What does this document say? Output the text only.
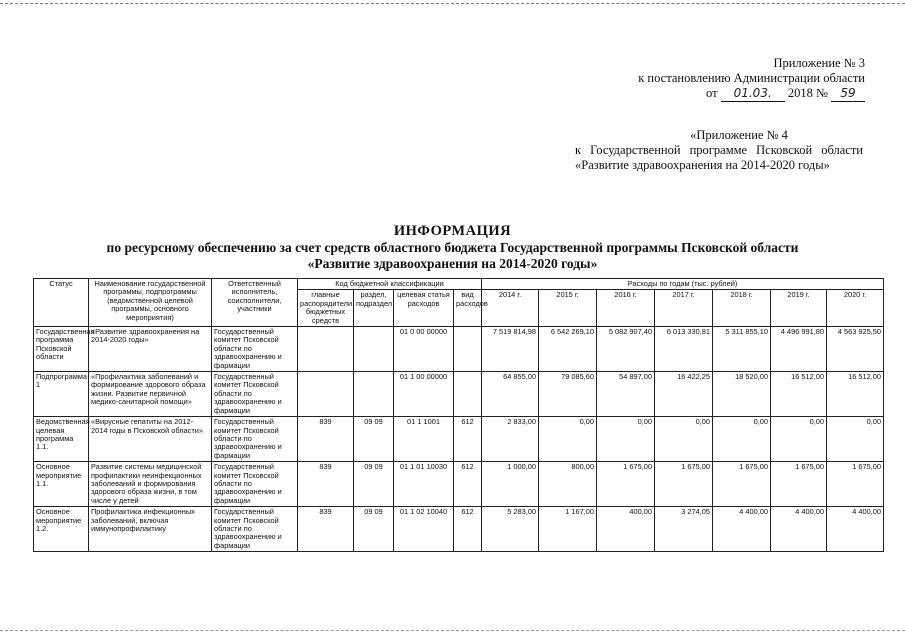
Приложение № 3
к постановлению Администрации области
от 01.03. 2018 № 59
«Приложение № 4
к Государственной программе Псковской области «Развитие здравоохранения на 2014-2020 годы»
ИНФОРМАЦИЯ
по ресурсному обеспечению за счет средств областного бюджета Государственной программы Псковской области
«Развитие здравоохранения на 2014-2020 годы»
Статус	Наименование государственной программы, подпрограммы (ведомственной целевой программы, основного мероприятия)	Ответственный исполнитель, соисполнители, участники	Код бюджетной классификации				Расходы по годам (тыс. рублей)						
			главные распорядители бюджетных средств	раздел, подраздел	целевая статья расходов	вид расходов	2014 г.	2015 г.	2016 г.	2017 г.	2018 г.	2019 г.	2020 г.
Государственная программа Псковской области	«Развитие здравоохранения на 2014-2020 годы»	Государственный комитет Псковской области по здравоохранению и фармации			01 0 00 00000		7 519 814,98	6 542 269,10	5 082 907,40	6 013 330,81	5 311 855,10	4 496 991,80	4 563 925,50
Подпрограмма 1	«Профилактика заболеваний и формирование здорового образа жизни. Развитие первичной медико-санитарной помощи»	Государственный комитет Псковской области по здравоохранению и фармации			01 1 00 00000		64 855,00	79 085,60	54 897,00	16 422,25	18 520,00	16 512,00	16 512,00
Ведомственная целевая программа 1.1.	«Вирусные гепатиты на 2012-2014 годы в Псковской области»	Государственный комитет Псковской области по здравоохранению и фармации	839	09 09	01 1 1001	612	2 833,00	0,00	0,00	0,00	0,00	0,00	0,00
Основное мероприятие 1.1.	Развитие системы медицинской профилактики неинфекционных заболеваний и формирования здорового образа жизни, в том числе у детей	Государственный комитет Псковской области по здравоохранению и фармации	839	09 09	01 1 01 10030	612	1 000,00	800,00	1 675,00	1 675,00	1 675,00	1 675,00	1 675,00
Основное мероприятие 1.2.	Профилактика инфекционных заболеваний, включая иммунопрофилактику	Государственный комитет Псковской области по здравоохранению и фармации	839	09 09	01 1 02 10040	612	5 283,00	1 167,00	400,00	3 274,05	4 400,00	4 400,00	4 400,00
